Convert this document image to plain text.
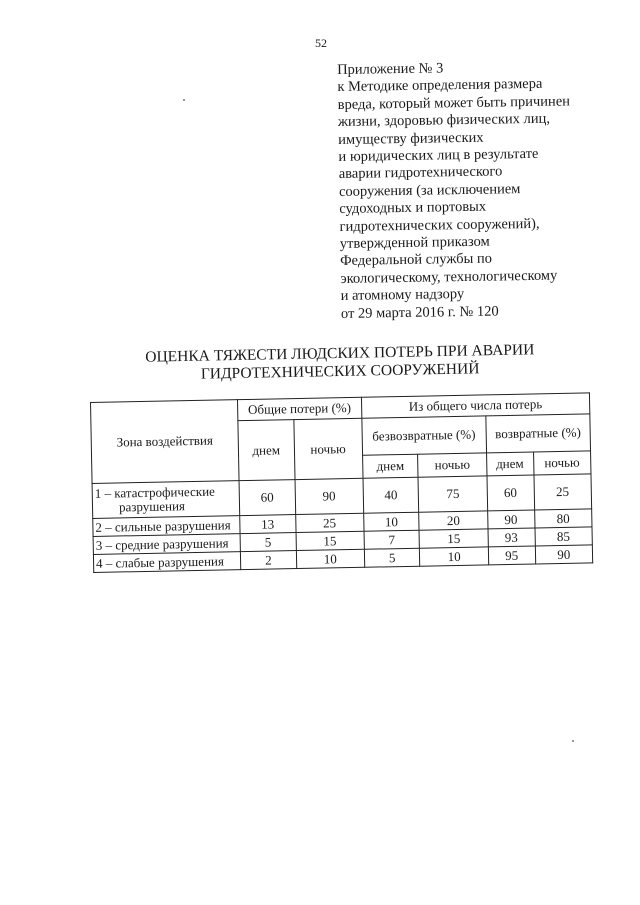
52
Приложение № 3
к Методике определения размера
вреда, который может быть причинен
жизни, здоровью физических лиц,
имуществу физических
и юридических лиц в результате
аварии гидротехнического
сооружения (за исключением
судоходных и портовых
гидротехнических сооружений),
утвержденной приказом
Федеральной службы по
экологическому, технологическому
и атомному надзору
от 29 марта 2016 г. № 120
ОЦЕНКА ТЯЖЕСТИ ЛЮДСКИХ ПОТЕРЬ ПРИ АВАРИИ
ГИДРОТЕХНИЧЕСКИХ СООРУЖЕНИЙ
Зона воздействия	Общие потери (%)		Из общего числа потерь			
	днем	ночью	безвозвратные (%)		возвратные (%)	
			днем	ночью	днем	ночью

1 – катастрофические
разрушения	60	90	40	75	60	25
2 – сильные разрушения	13	25	10	20	90	80
3 – средние разрушения	5	15	7	15	93	85
4 – слабые разрушения	2	10	5	10	95	90
